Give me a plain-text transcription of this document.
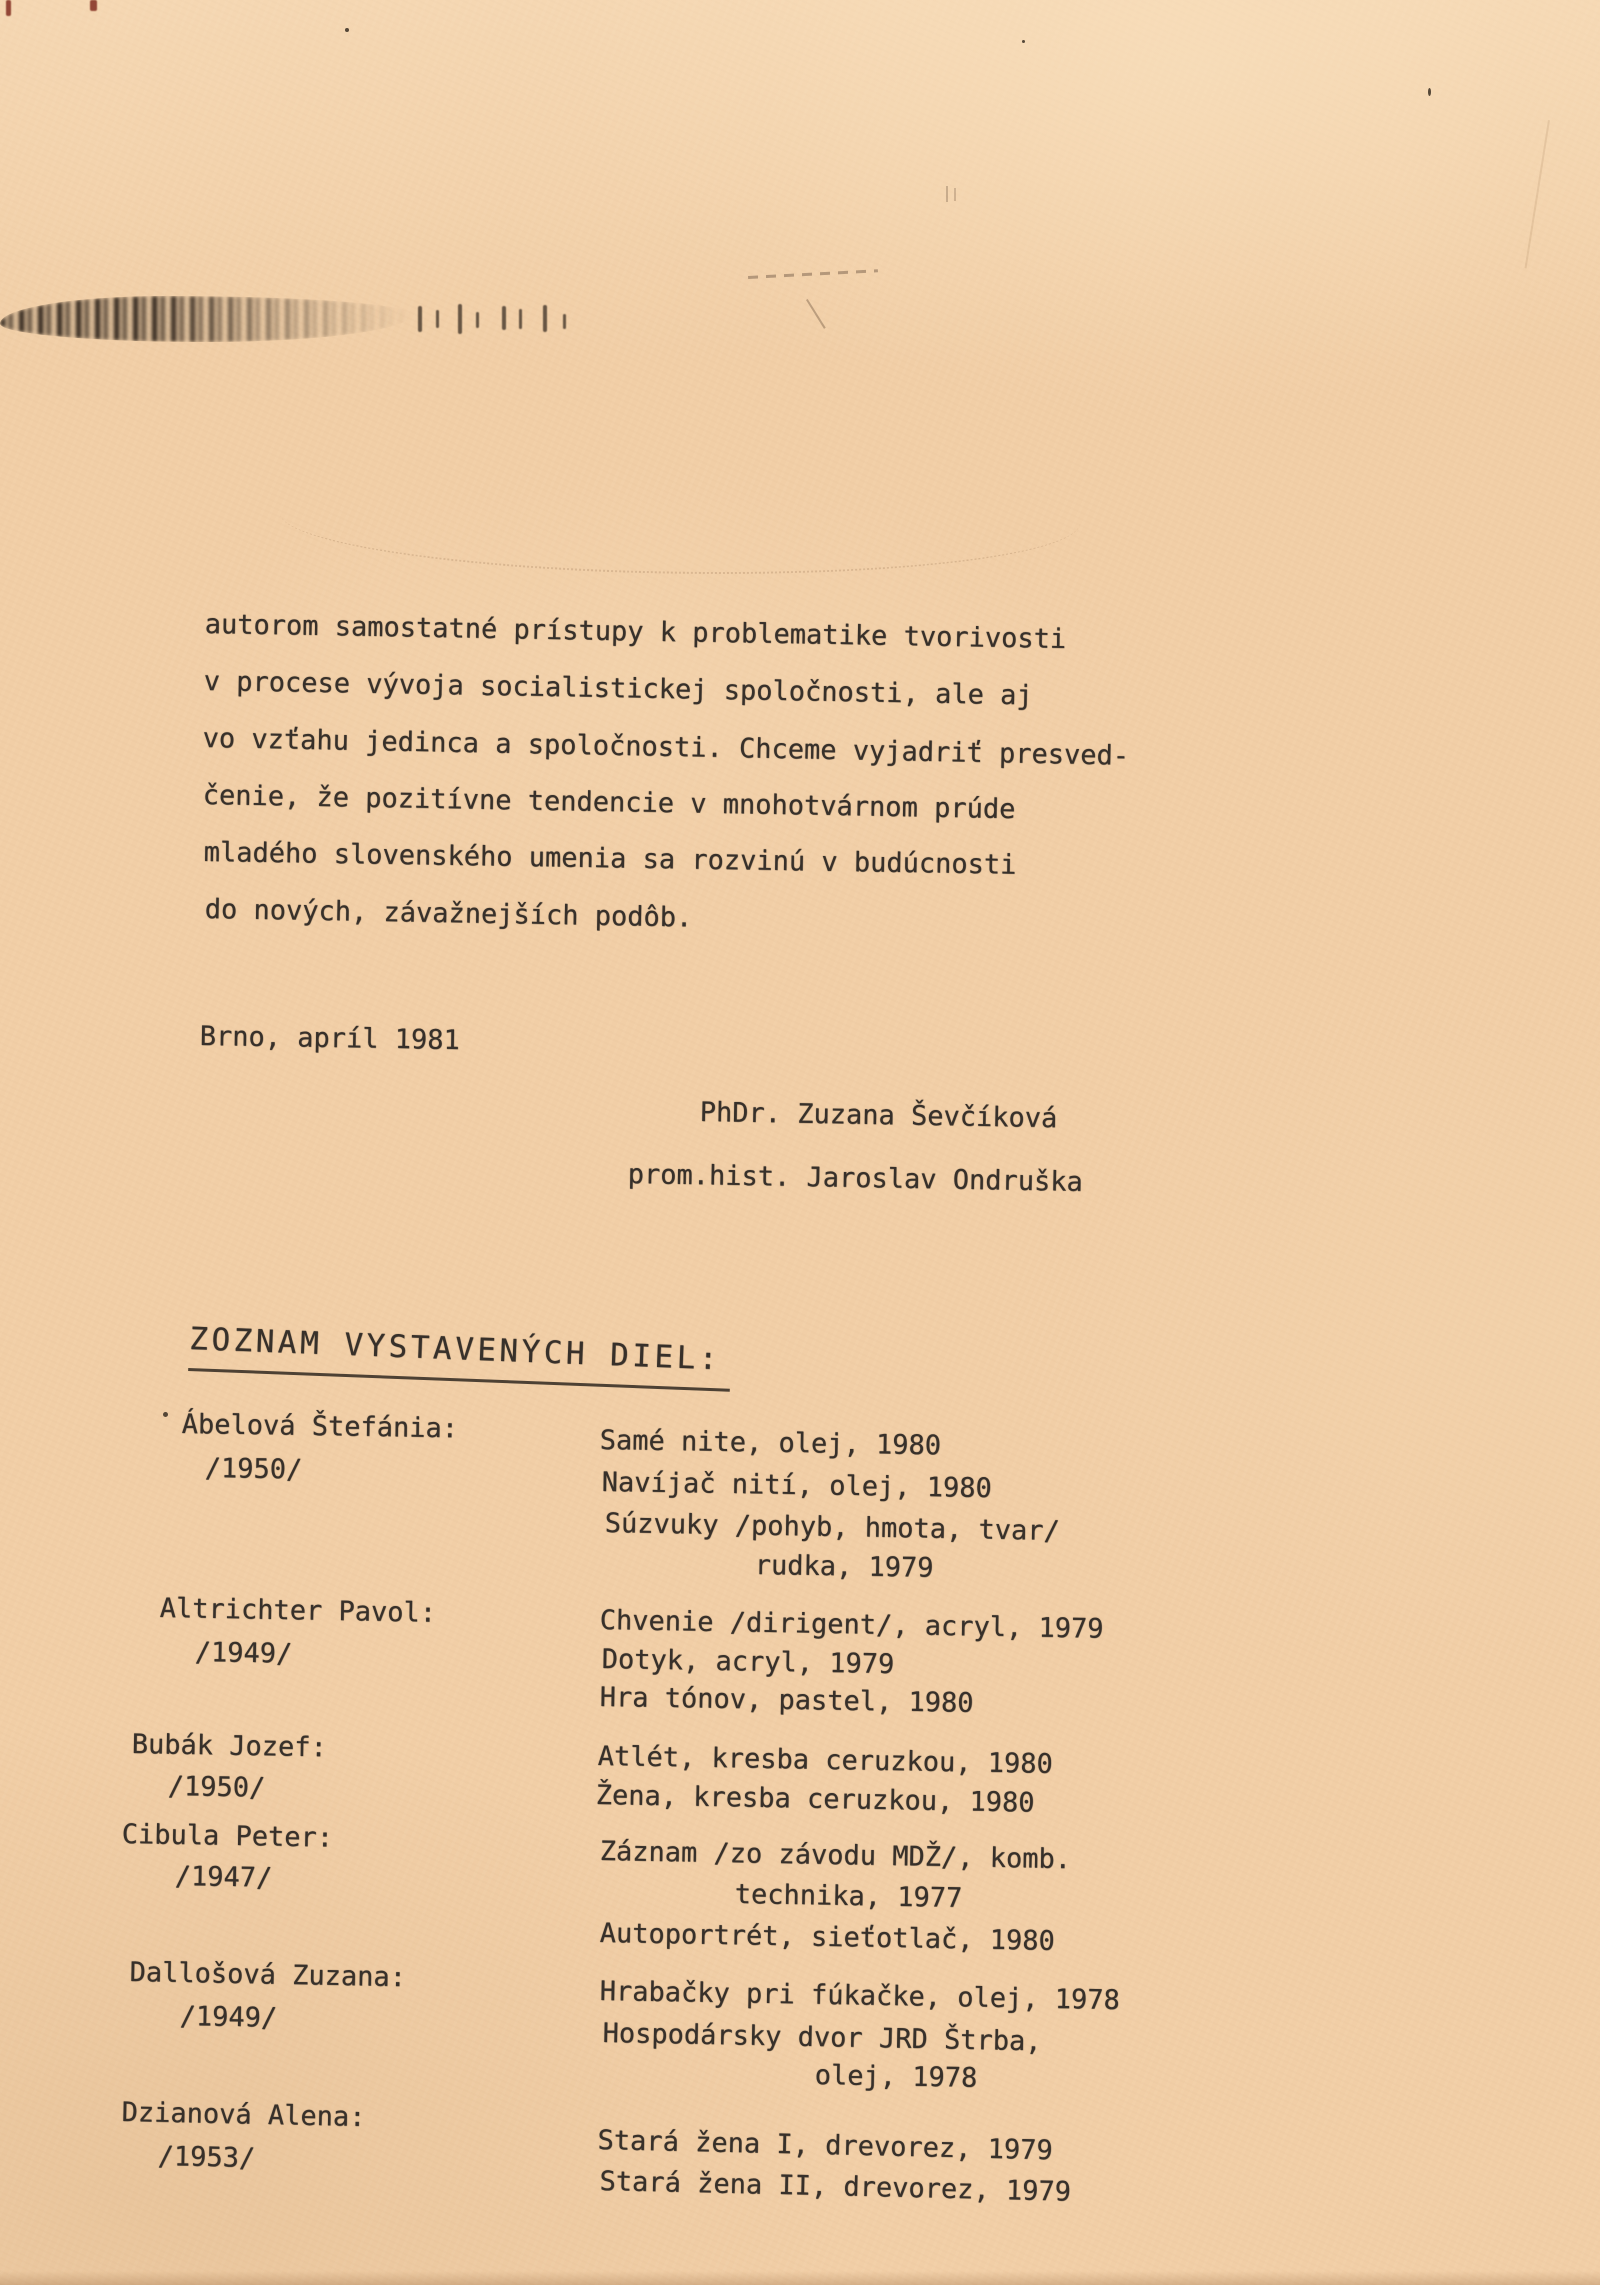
autorom samostatné prístupy k problematike tvorivosti
v procese vývoja socialistickej spoločnosti, ale aj
vo vzťahu jedinca a spoločnosti. Chceme vyjadriť presved-
čenie, že pozitívne tendencie v mnohotvárnom prúde
mladého slovenského umenia sa rozvinú v budúcnosti
do nových, závažnejších podôb.
Brno, apríl 1981
PhDr. Zuzana Ševčíková
prom.hist. Jaroslav Ondruška
ZOZNAM VYSTAVENÝCH DIEL:
Ábelová Štefánia:
/1950/
Samé nite, olej, 1980
Navíjač nití, olej, 1980
Súzvuky /pohyb, hmota, tvar/
rudka, 1979
Altrichter Pavol:
/1949/
Chvenie /dirigent/, acryl, 1979
Dotyk, acryl, 1979
Hra tónov, pastel, 1980
Bubák Jozef:
/1950/
Atlét, kresba ceruzkou, 1980
Žena, kresba ceruzkou, 1980
Cibula Peter:
/1947/
Záznam /zo závodu MDŽ/, komb.
technika, 1977
Autoportrét, sieťotlač, 1980
Dallošová Zuzana:
/1949/
Hrabačky pri fúkačke, olej, 1978
Hospodársky dvor JRD Štrba,
olej, 1978
Dzianová Alena:
/1953/	Stará žena I, drevorez, 1979
Stará žena II, drevorez, 1979
